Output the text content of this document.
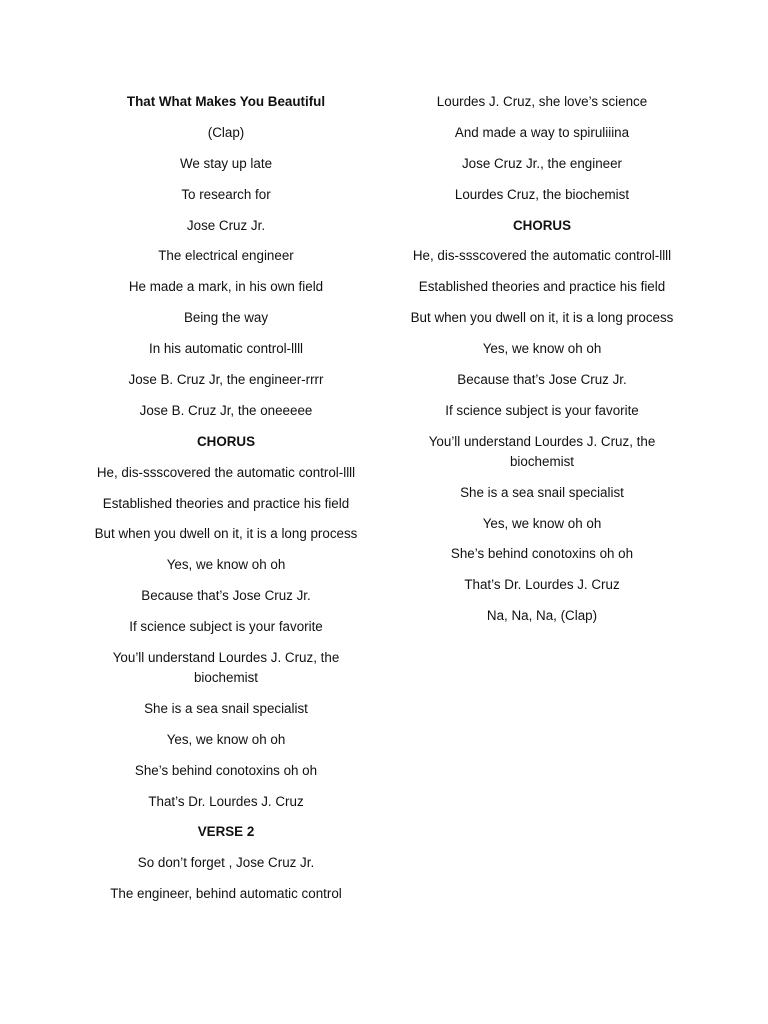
That What Makes You Beautiful
(Clap)
We stay up late
To research for
Jose Cruz Jr.
The electrical engineer
He made a mark, in his own field
Being the way
In his automatic control-llll
Jose B. Cruz Jr, the engineer-rrrr
Jose B. Cruz Jr, the oneeeee
CHORUS
He, dis-ssscovered the automatic control-llll
Established theories and practice his field
But when you dwell on it, it is a long process
Yes, we know oh oh
Because that’s Jose Cruz Jr.
If science subject is your favorite
You’ll understand Lourdes J. Cruz, the biochemist
She is a sea snail specialist
Yes, we know oh oh
She’s behind conotoxins oh oh
That’s Dr. Lourdes J. Cruz
VERSE 2
So don’t forget , Jose Cruz Jr.
The engineer, behind automatic control
Lourdes J. Cruz, she love’s science
And made a way to spiruliiina
Jose Cruz Jr., the engineer
Lourdes Cruz, the biochemist
CHORUS
He, dis-ssscovered the automatic control-llll
Established theories and practice his field
But when you dwell on it, it is a long process
Yes, we know oh oh
Because that’s Jose Cruz Jr.
If science subject is your favorite
You’ll understand Lourdes J. Cruz, the biochemist
She is a sea snail specialist
Yes, we know oh oh
She’s behind conotoxins oh oh
That’s Dr. Lourdes J. Cruz
Na, Na, Na, (Clap)
